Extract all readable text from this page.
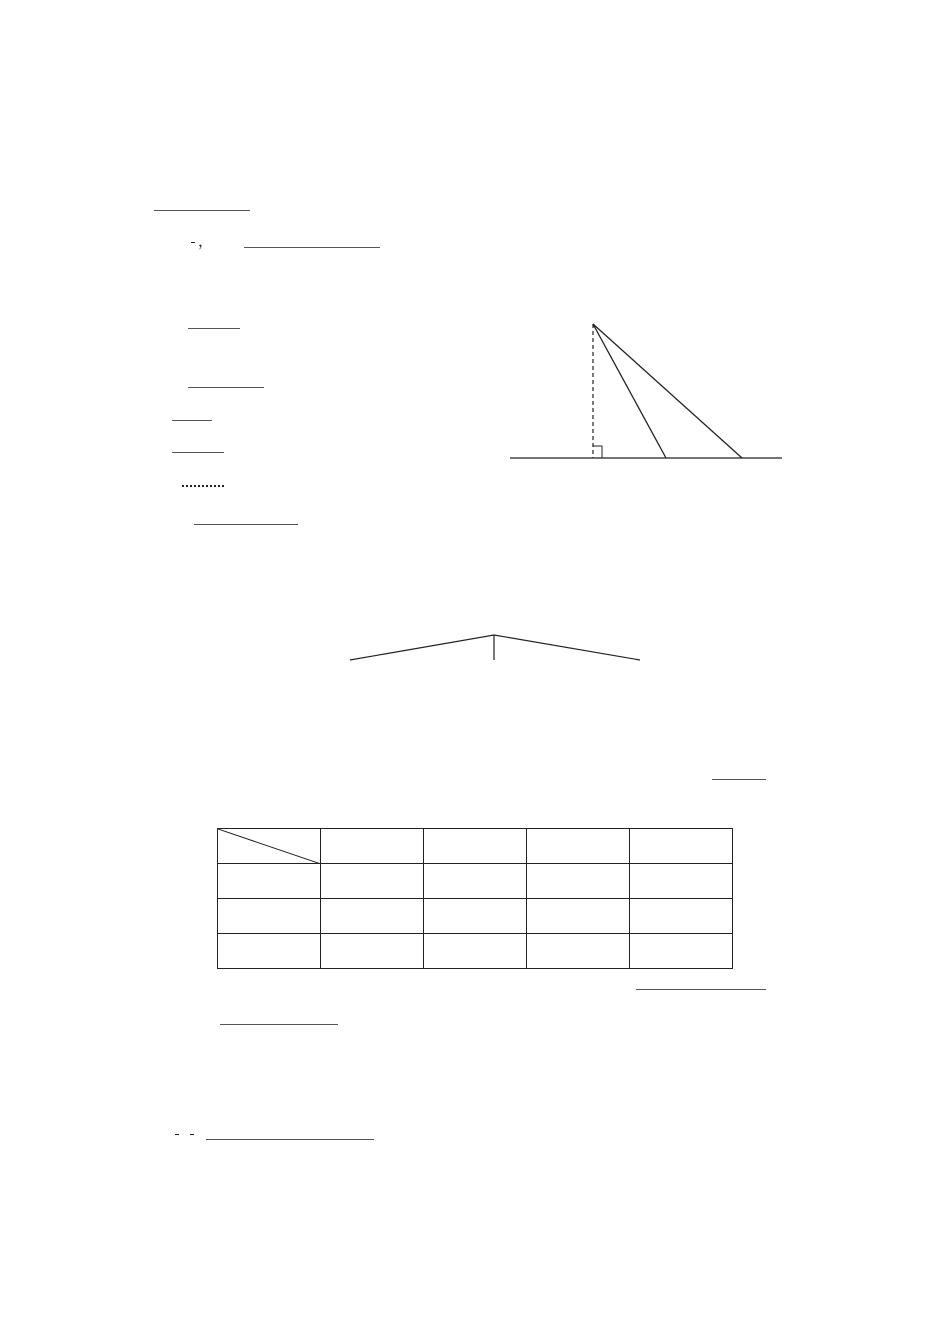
，
